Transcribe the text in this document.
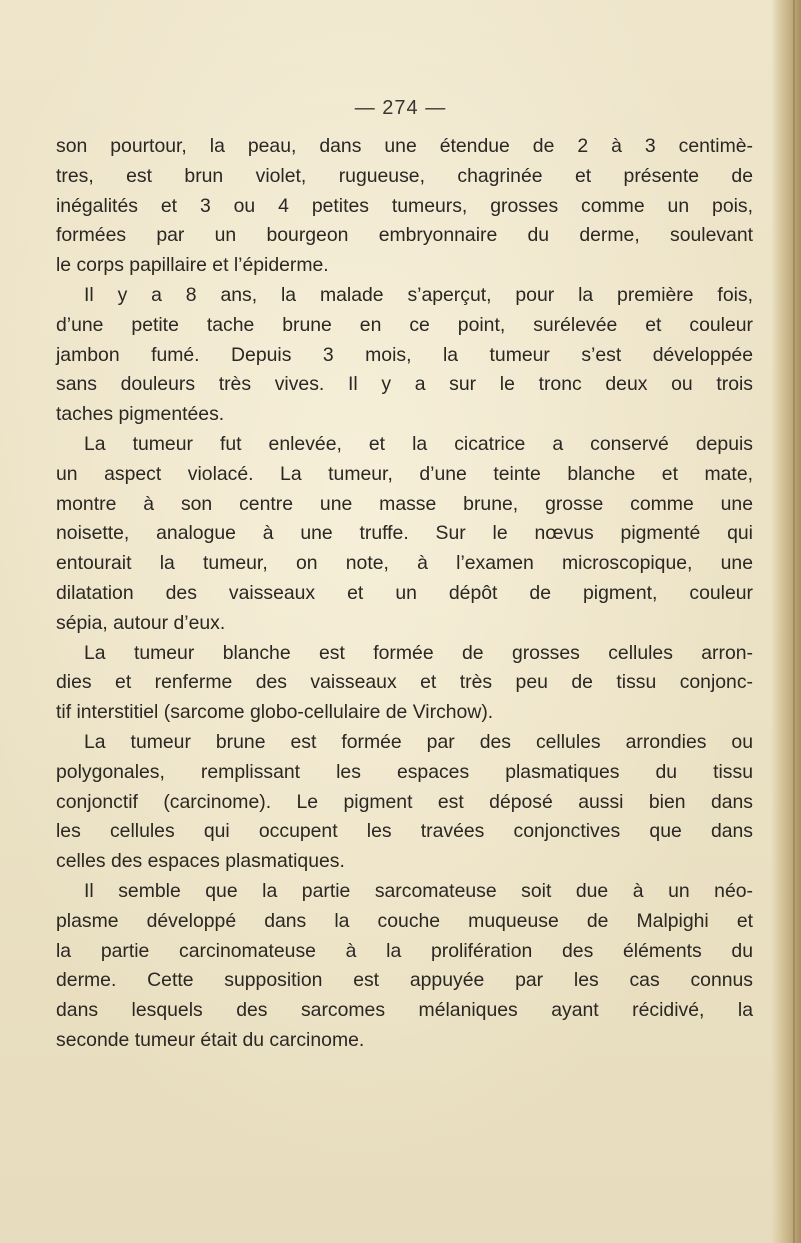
— 274 —
son pourtour, la peau, dans une étendue de 2 à 3 centimè-
tres, est brun violet, rugueuse, chagrinée et présente de
inégalités et 3 ou 4 petites tumeurs, grosses comme un pois,
formées par un bourgeon embryonnaire du derme, soulevant
le corps papillaire et l’épiderme.
Il y a 8 ans, la malade s’aperçut, pour la première fois,
d’une petite tache brune en ce point, surélevée et couleur
jambon fumé. Depuis 3 mois, la tumeur s’est développée
sans douleurs très vives. Il y a sur le tronc deux ou trois
taches pigmentées.
La tumeur fut enlevée, et la cicatrice a conservé depuis
un aspect violacé. La tumeur, d’une teinte blanche et mate,
montre à son centre une masse brune, grosse comme une
noisette, analogue à une truffe. Sur le nœvus pigmenté qui
entourait la tumeur, on note, à l’examen microscopique, une
dilatation des vaisseaux et un dépôt de pigment, couleur
sépia, autour d’eux.
La tumeur blanche est formée de grosses cellules arron-
dies et renferme des vaisseaux et très peu de tissu conjonc-
tif interstitiel (sarcome globo-cellulaire de Virchow).
La tumeur brune est formée par des cellules arrondies ou
polygonales, remplissant les espaces plasmatiques du tissu
conjonctif (carcinome). Le pigment est déposé aussi bien dans
les cellules qui occupent les travées conjonctives que dans
celles des espaces plasmatiques.
Il semble que la partie sarcomateuse soit due à un néo-
plasme développé dans la couche muqueuse de Malpighi et
la partie carcinomateuse à la prolifération des éléments du
derme. Cette supposition est appuyée par les cas connus
dans lesquels des sarcomes mélaniques ayant récidivé, la
seconde tumeur était du carcinome.
